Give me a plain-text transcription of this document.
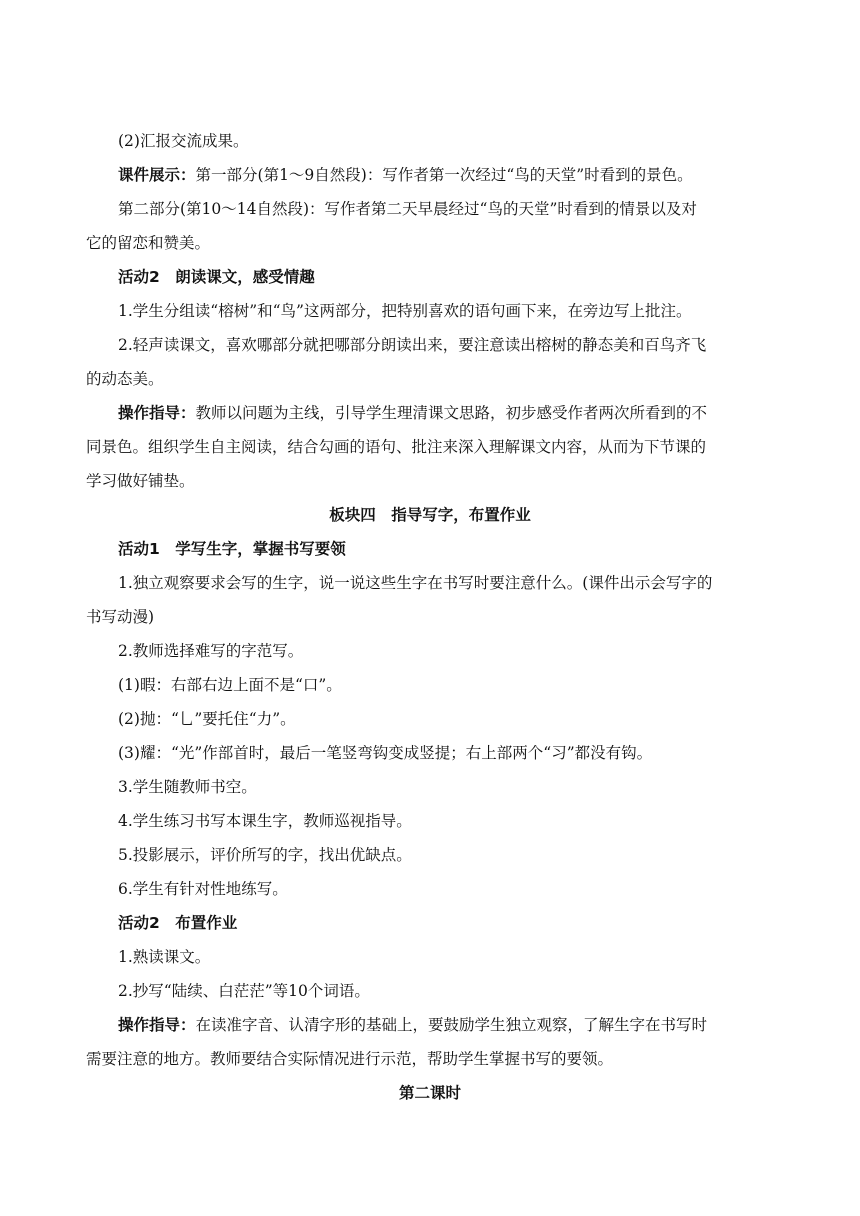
(2)汇报交流成果。
课件展示：第一部分(第1～9自然段)：写作者第一次经过“鸟的天堂”时看到的景色。
第二部分(第10～14自然段)：写作者第二天早晨经过“鸟的天堂”时看到的情景以及对
它的留恋和赞美。
活动2　朗读课文，感受情趣
1.学生分组读“榕树”和“鸟”这两部分，把特别喜欢的语句画下来，在旁边写上批注。
2.轻声读课文，喜欢哪部分就把哪部分朗读出来，要注意读出榕树的静态美和百鸟齐飞
的动态美。
操作指导：教师以问题为主线，引导学生理清课文思路，初步感受作者两次所看到的不
同景色。组织学生自主阅读，结合勾画的语句、批注来深入理解课文内容，从而为下节课的
学习做好铺垫。
板块四　指导写字，布置作业
活动1　学写生字，掌握书写要领
1.独立观察要求会写的生字，说一说这些生字在书写时要注意什么。(课件出示会写字的
书写动漫)
2.教师选择难写的字范写。
(1)暇：右部右边上面不是“口”。
(2)抛：“乚”要托住“力”。
(3)耀：“光”作部首时，最后一笔竖弯钩变成竖提；右上部两个“习”都没有钩。
3.学生随教师书空。
4.学生练习书写本课生字，教师巡视指导。
5.投影展示，评价所写的字，找出优缺点。
6.学生有针对性地练写。
活动2　布置作业
1.熟读课文。
2.抄写“陆续、白茫茫”等10个词语。
操作指导：在读准字音、认清字形的基础上，要鼓励学生独立观察，了解生字在书写时
需要注意的地方。教师要结合实际情况进行示范，帮助学生掌握书写的要领。
第二课时
